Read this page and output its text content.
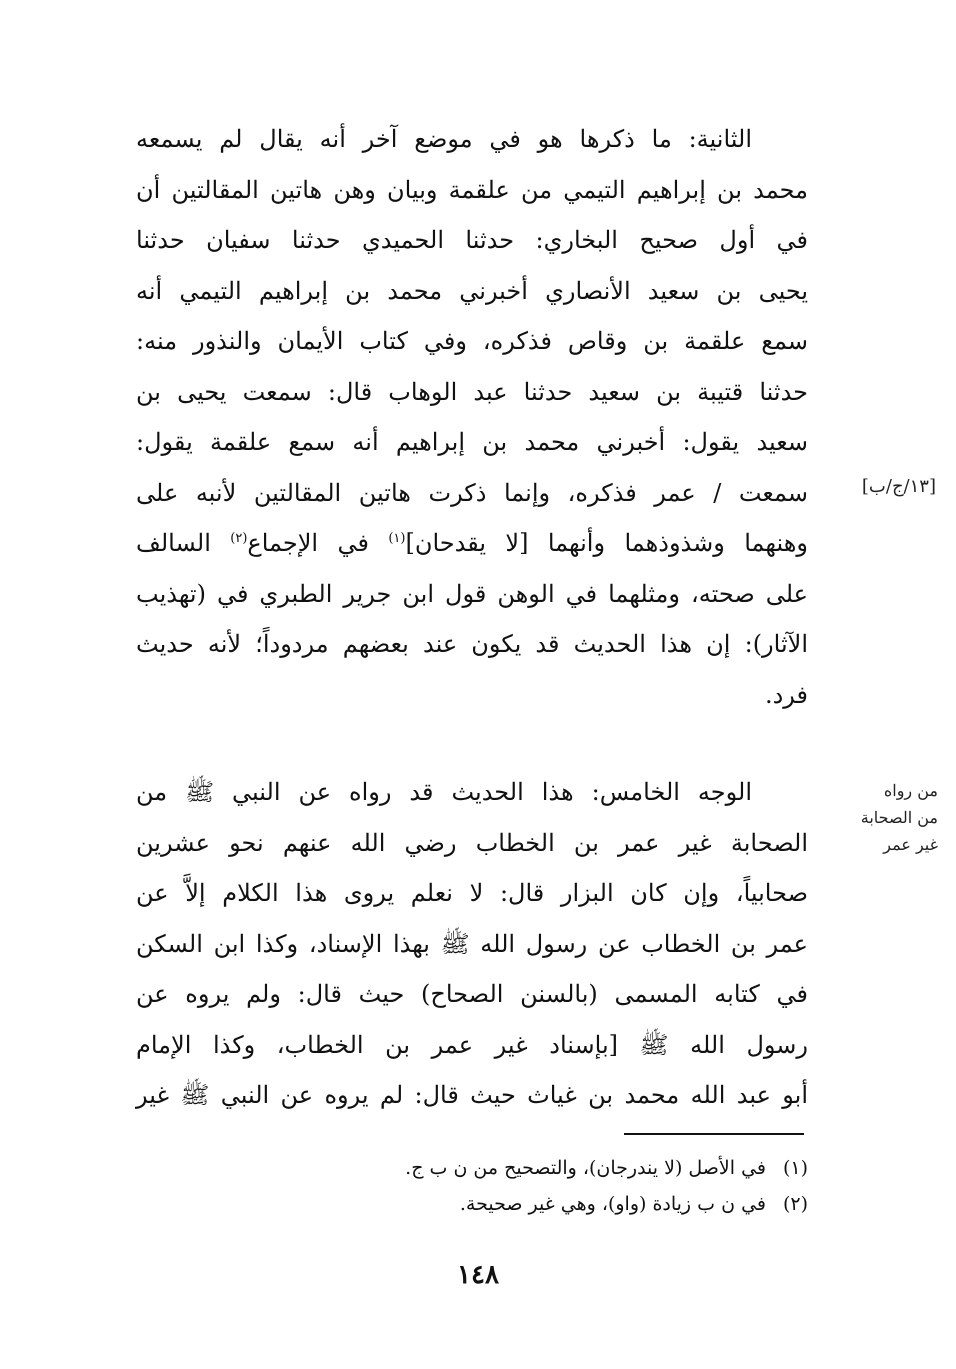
الثانية: ما ذكرها هو في موضع آخر أنه يقال لم يسمعه
محمد بن إبراهيم التيمي من علقمة وبيان وهن هاتين المقالتين أن
في أول صحيح البخاري: حدثنا الحميدي حدثنا سفيان حدثنا
يحيى بن سعيد الأنصاري أخبرني محمد بن إبراهيم التيمي أنه
سمع علقمة بن وقاص فذكره، وفي كتاب الأيمان والنذور منه:
حدثنا قتيبة بن سعيد حدثنا عبد الوهاب قال: سمعت يحيى بن
سعيد يقول: أخبرني محمد بن إبراهيم أنه سمع علقمة يقول:
سمعت / عمر فذكره، وإنما ذكرت هاتين المقالتين لأنبه على
وهنهما وشذوذهما وأنهما [لا يقدحان]$^{(١)}$ في الإجماع$^{(٢)}$ السالف
على صحته، ومثلهما في الوهن قول ابن جرير الطبري في (تهذيب
الآثار): إن هذا الحديث قد يكون عند بعضهم مردوداً؛ لأنه حديث
فرد.
[١٣/ج/ب]
الوجه الخامس: هذا الحديث قد رواه عن النبي ﷺ من
الصحابة غير عمر بن الخطاب رضي الله عنهم نحو عشرين
صحابياً، وإن كان البزار قال: لا نعلم يروى هذا الكلام إلاَّ عن
عمر بن الخطاب عن رسول الله ﷺ بهذا الإسناد، وكذا ابن السكن
في كتابه المسمى (بالسنن الصحاح) حيث قال: ولم يروه عن
رسول الله ﷺ [بإسناد غير عمر بن الخطاب، وكذا الإمام
أبو عبد الله محمد بن غياث حيث قال: لم يروه عن النبي ﷺ غير
من رواه
من الصحابة
غير عمر
(١)في الأصل (لا يندرجان)، والتصحيح من ن ب ج.
(٢)في ن ب زيادة (واو)، وهي غير صحيحة.
١٤٨
